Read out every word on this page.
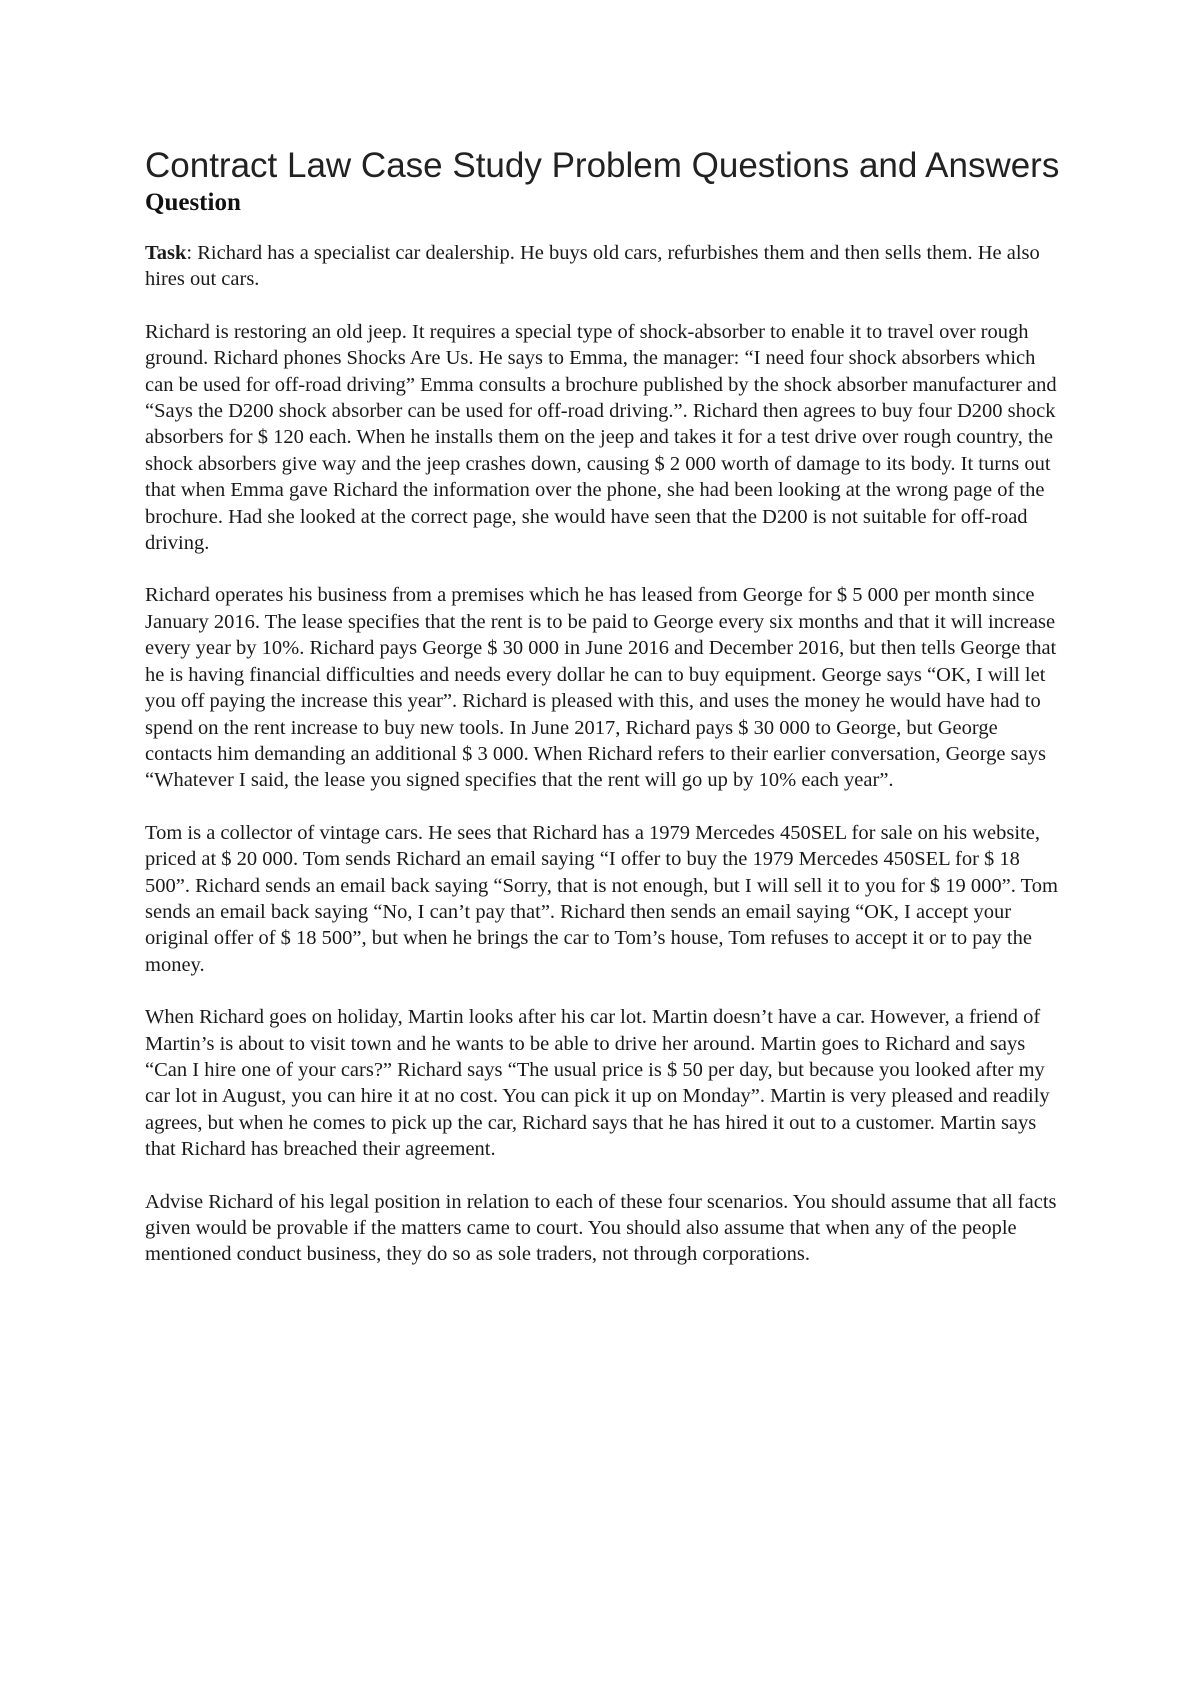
Contract Law Case Study Problem Questions and Answers
Question

Task: Richard has a specialist car dealership. He buys old cars, refurbishes them and then sells them. He also hires out cars.

Richard is restoring an old jeep. It requires a special type of shock-absorber to enable it to travel over rough ground. Richard phones Shocks Are Us. He says to Emma, the manager: “I need four shock absorbers which can be used for off-road driving” Emma consults a brochure published by the shock absorber manufacturer and “Says the D200 shock absorber can be used for off-road driving.”. Richard then agrees to buy four D200 shock absorbers for $ 120 each. When he installs them on the jeep and takes it for a test drive over rough country, the shock absorbers give way and the jeep crashes down, causing $ 2 000 worth of damage to its body. It turns out that when Emma gave Richard the information over the phone, she had been looking at the wrong page of the brochure. Had she looked at the correct page, she would have seen that the D200 is not suitable for off-road driving.

Richard operates his business from a premises which he has leased from George for $ 5 000 per month since January 2016. The lease specifies that the rent is to be paid to George every six months and that it will increase every year by 10%. Richard pays George $ 30 000 in June 2016 and December 2016, but then tells George that he is having financial difficulties and needs every dollar he can to buy equipment. George says “OK, I will let you off paying the increase this year”. Richard is pleased with this, and uses the money he would have had to spend on the rent increase to buy new tools. In June 2017, Richard pays $ 30 000 to George, but George contacts him demanding an additional $ 3 000. When Richard refers to their earlier conversation, George says “Whatever I said, the lease you signed specifies that the rent will go up by 10% each year”.

Tom is a collector of vintage cars. He sees that Richard has a 1979 Mercedes 450SEL for sale on his website, priced at $ 20 000. Tom sends Richard an email saying “I offer to buy the 1979 Mercedes 450SEL for $ 18 500”. Richard sends an email back saying “Sorry, that is not enough, but I will sell it to you for $ 19 000”. Tom sends an email back saying “No, I can’t pay that”. Richard then sends an email saying “OK, I accept your original offer of $ 18 500”, but when he brings the car to Tom’s house, Tom refuses to accept it or to pay the money.

When Richard goes on holiday, Martin looks after his car lot. Martin doesn’t have a car. However, a friend of Martin’s is about to visit town and he wants to be able to drive her around. Martin goes to Richard and says “Can I hire one of your cars?” Richard says “The usual price is $ 50 per day, but because you looked after my car lot in August, you can hire it at no cost. You can pick it up on Monday”. Martin is very pleased and readily agrees, but when he comes to pick up the car, Richard says that he has hired it out to a customer. Martin says that Richard has breached their agreement.

Advise Richard of his legal position in relation to each of these four scenarios. You should assume that all facts given would be provable if the matters came to court. You should also assume that when any of the people mentioned conduct business, they do so as sole traders, not through corporations.
